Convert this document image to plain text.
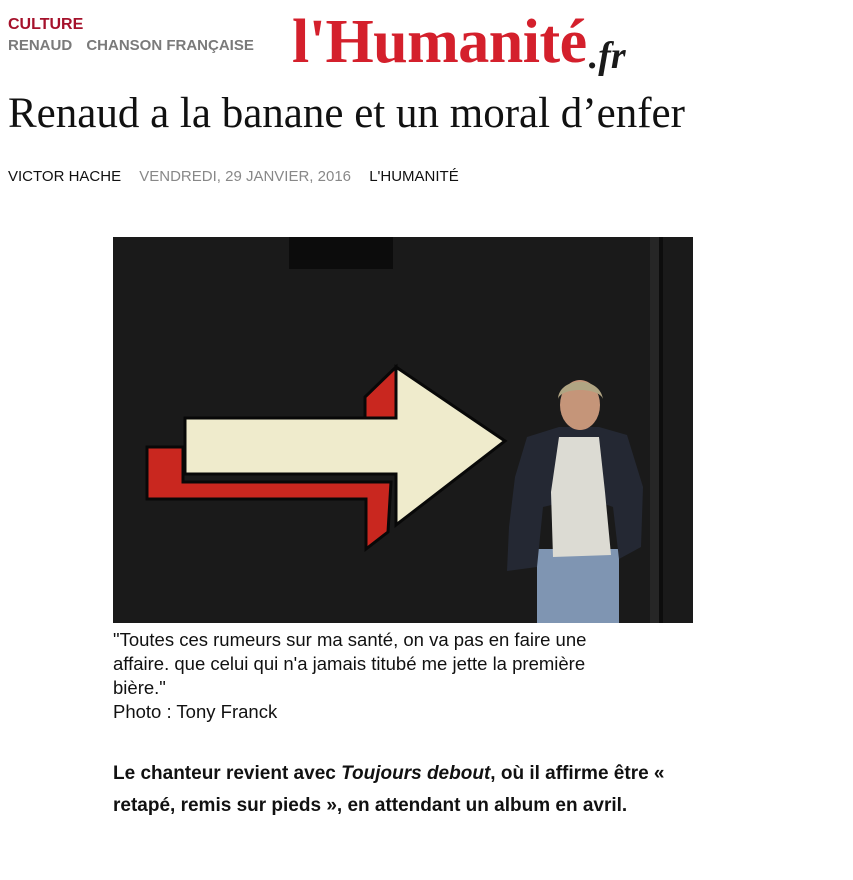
CULTURE
RENAUD CHANSON FRANÇAISE l'Humanité.fr
Renaud a la banane et un moral d’enfer
VICTOR HACHE VENDREDI, 29 JANVIER, 2016 L'HUMANITÉ
"Toutes ces rumeurs sur ma santé, on va pas en faire une
affaire. que celui qui n'a jamais titubé me jette la première
bière."
Photo : Tony Franck

Le chanteur revient avec Toujours debout, où il affirme être « retapé, remis sur pieds », en attendant un album en avril.
